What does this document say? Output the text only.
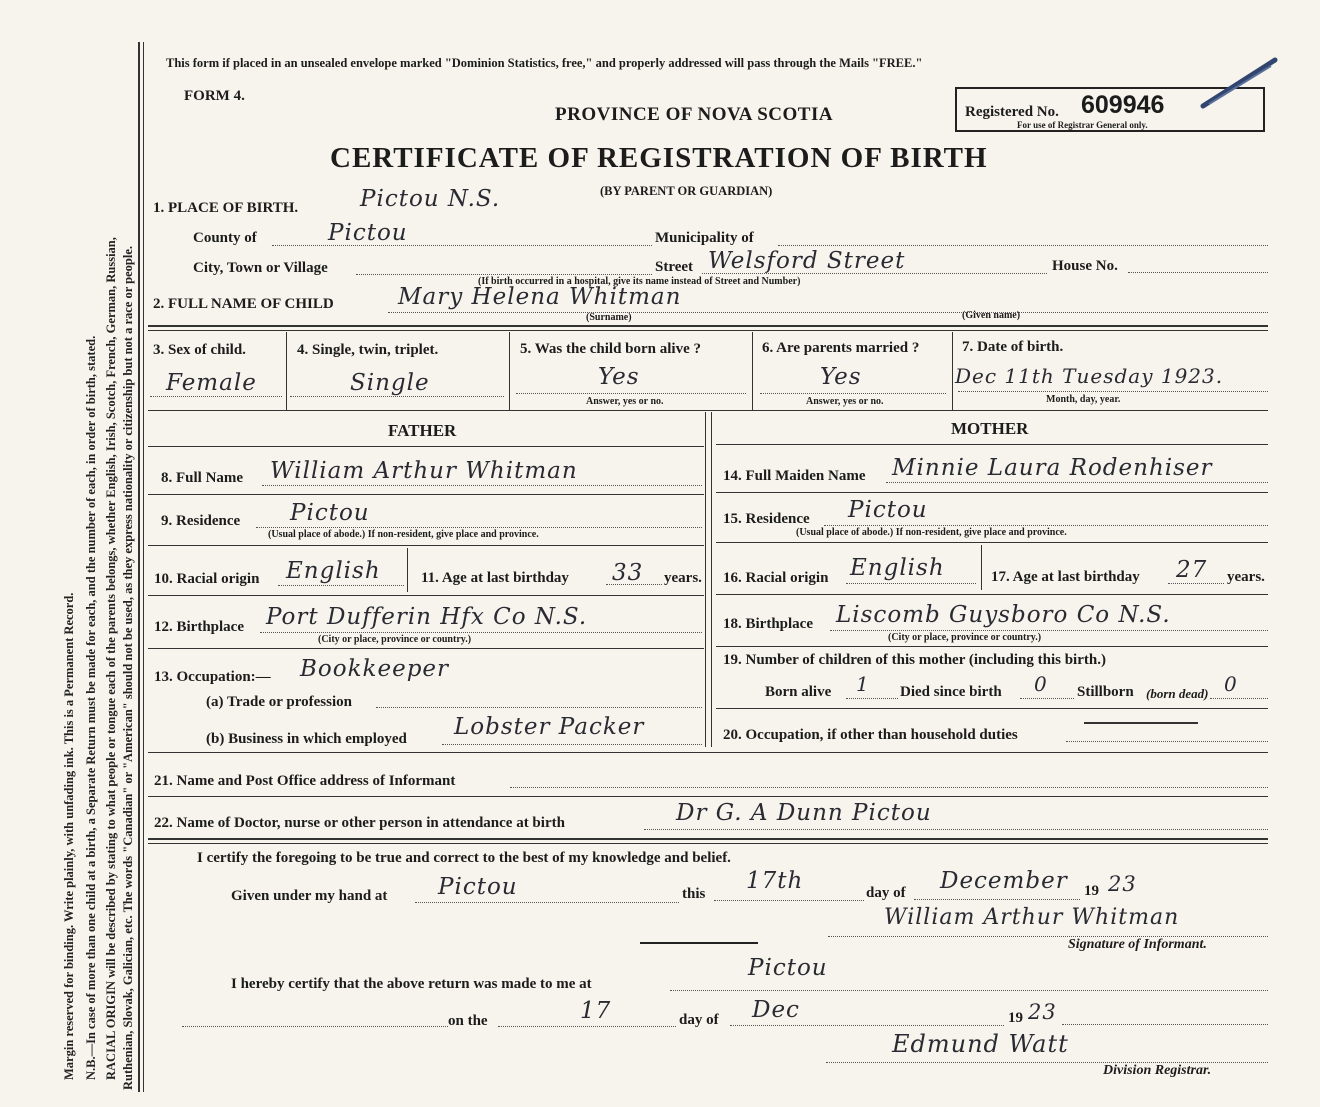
Margin reserved for binding. Write plainly, with unfading ink. This is a Permanent Record. N.B.—In case of more than one child at a birth, a Separate Return must be made for each, and the number of each, in order of birth, stated. RACIAL ORIGIN will be described by stating to what people or tongue each of the parents belongs, whether English, Irish, Scotch, French, German, Russian, Ruthenian, Slovak, Galician, etc. The words "Canadian" or "American" should not be used, as they express nationality or citizenship but not a race or people.
This form if placed in an unsealed envelope marked "Dominion Statistics, free," and properly addressed will pass through the Mails "FREE."
FORM 4.
PROVINCE OF NOVA SCOTIA	Registered No. 609946
For use of Registrar General only.
CERTIFICATE OF REGISTRATION OF BIRTH
(BY PARENT OR GUARDIAN)
1. PLACE OF BIRTH.	Pictou N.S.
County of	Pictou	Municipality of
City, Town or Village	Street Welsford Street	House No.
(If birth occurred in a hospital, give its name instead of Street and Number)
2. FULL NAME OF CHILD	Mary Helena Whitman
(Surname)	(Given name)
3. Sex of child.
Female
4. Single, twin, triplet.
Single
5. Was the child born alive ?
Yes
Answer, yes or no.
6. Are parents married ?
Yes
Answer, yes or no.
7. Date of birth.
Dec 11th Tuesday 1923.
Month, day, year.
FATHER	MOTHER
8. Full Name William Arthur Whitman
9. Residence Pictou
(Usual place of abode.) If non-resident, give place and province.
10. Racial origin English	11. Age at last birthday 33 years.
12. Birthplace Port Dufferin Hfx Co N.S.
(City or place, province or country.)
13. Occupation:— Bookkeeper
(a) Trade or profession
(b) Business in which employed Lobster Packer
14. Full Maiden Name Minnie Laura Rodenhiser
15. Residence Pictou
(Usual place of abode.) If non-resident, give place and province.
16. Racial origin English	17. Age at last birthday 27 years.
18. Birthplace Liscomb Guysboro Co N.S.
(City or place, province or country.)
19. Number of children of this mother (including this birth.)
Born alive 1 Died since birth 0 Stillborn (born dead) 0
20. Occupation, if other than household duties
21. Name and Post Office address of Informant
22. Name of Doctor, nurse or other person in attendance at birth	Dr G. A Dunn Pictou
I certify the foregoing to be true and correct to the best of my knowledge and belief.
Given under my hand at Pictou	this 17th	day of December 19 23
William Arthur Whitman
Signature of Informant.
I hereby certify that the above return was made to me at
Pictou
on the	17	day of Dec	19 23
Edmund Watt
Division Registrar.
